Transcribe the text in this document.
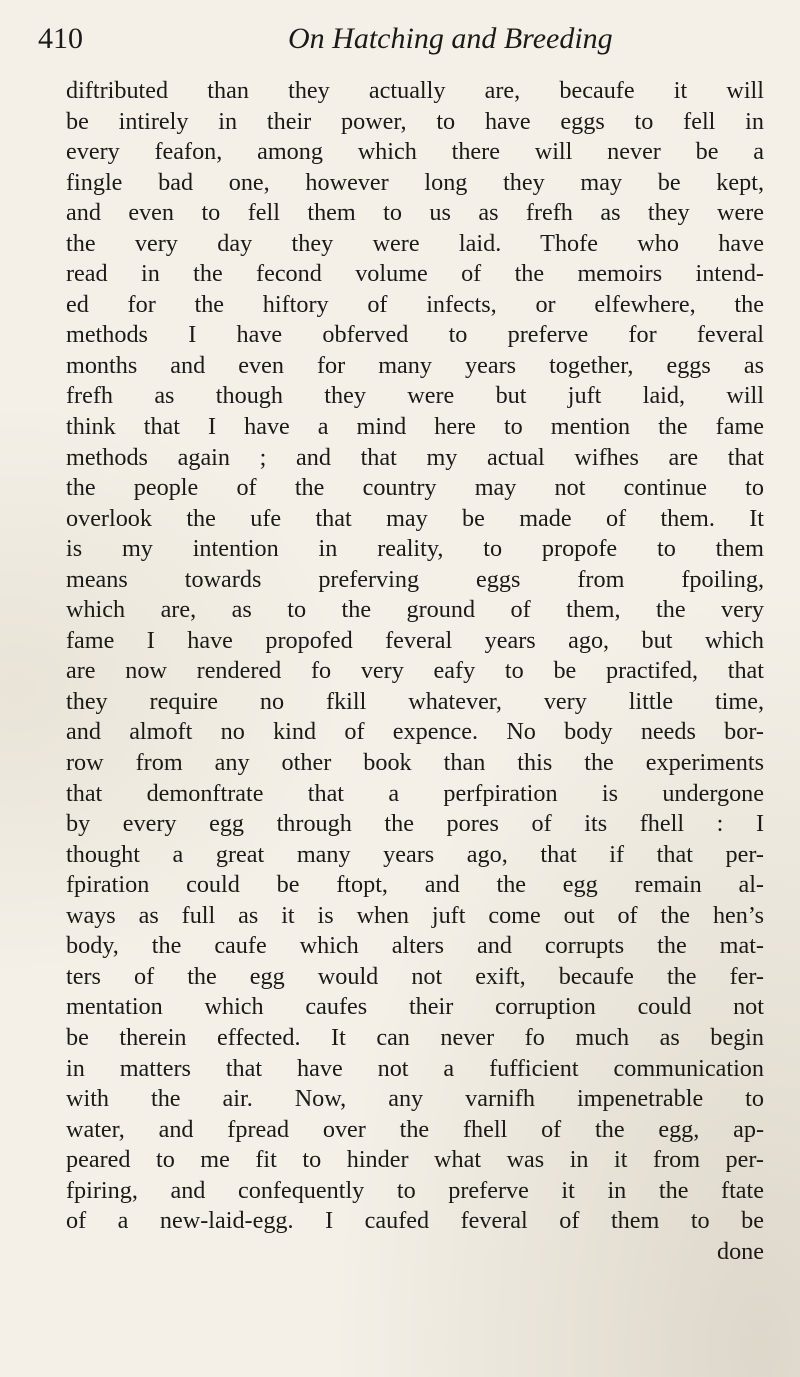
410	On Hatching and Breeding
diftributed than they actually are, becaufe it will
be intirely in their power, to have eggs to fell in
every feafon, among which there will never be a
fingle bad one, however long they may be kept,
and even to fell them to us as frefh as they were
the very day they were laid. Thofe who have
read in the fecond volume of the memoirs intend-
ed for the hiftory of infects, or elfewhere, the
methods I have obferved to preferve for feveral
months and even for many years together, eggs as
frefh as though they were but juft laid, will
think that I have a mind here to mention the fame
methods again ; and that my actual wifhes are that
the people of the country may not continue to
overlook the ufe that may be made of them. It
is my intention in reality, to propofe to them
means towards preferving eggs from fpoiling,
which are, as to the ground of them, the very
fame I have propofed feveral years ago, but which
are now rendered fo very eafy to be practifed, that
they require no fkill whatever, very little time,
and almoft no kind of expence. No body needs bor-
row from any other book than this the experiments
that demonftrate that a perfpiration is undergone
by every egg through the pores of its fhell : I
thought a great many years ago, that if that per-
fpiration could be ftopt, and the egg remain al-
ways as full as it is when juft come out of the hen’s
body, the caufe which alters and corrupts the mat-
ters of the egg would not exift, becaufe the fer-
mentation which caufes their corruption could not
be therein effected. It can never fo much as begin
in matters that have not a fufficient communication
with the air. Now, any varnifh impenetrable to
water, and fpread over the fhell of the egg, ap-
peared to me fit to hinder what was in it from per-
fpiring, and confequently to preferve it in the ftate
of a new-laid-egg. I caufed feveral of them to be
done
